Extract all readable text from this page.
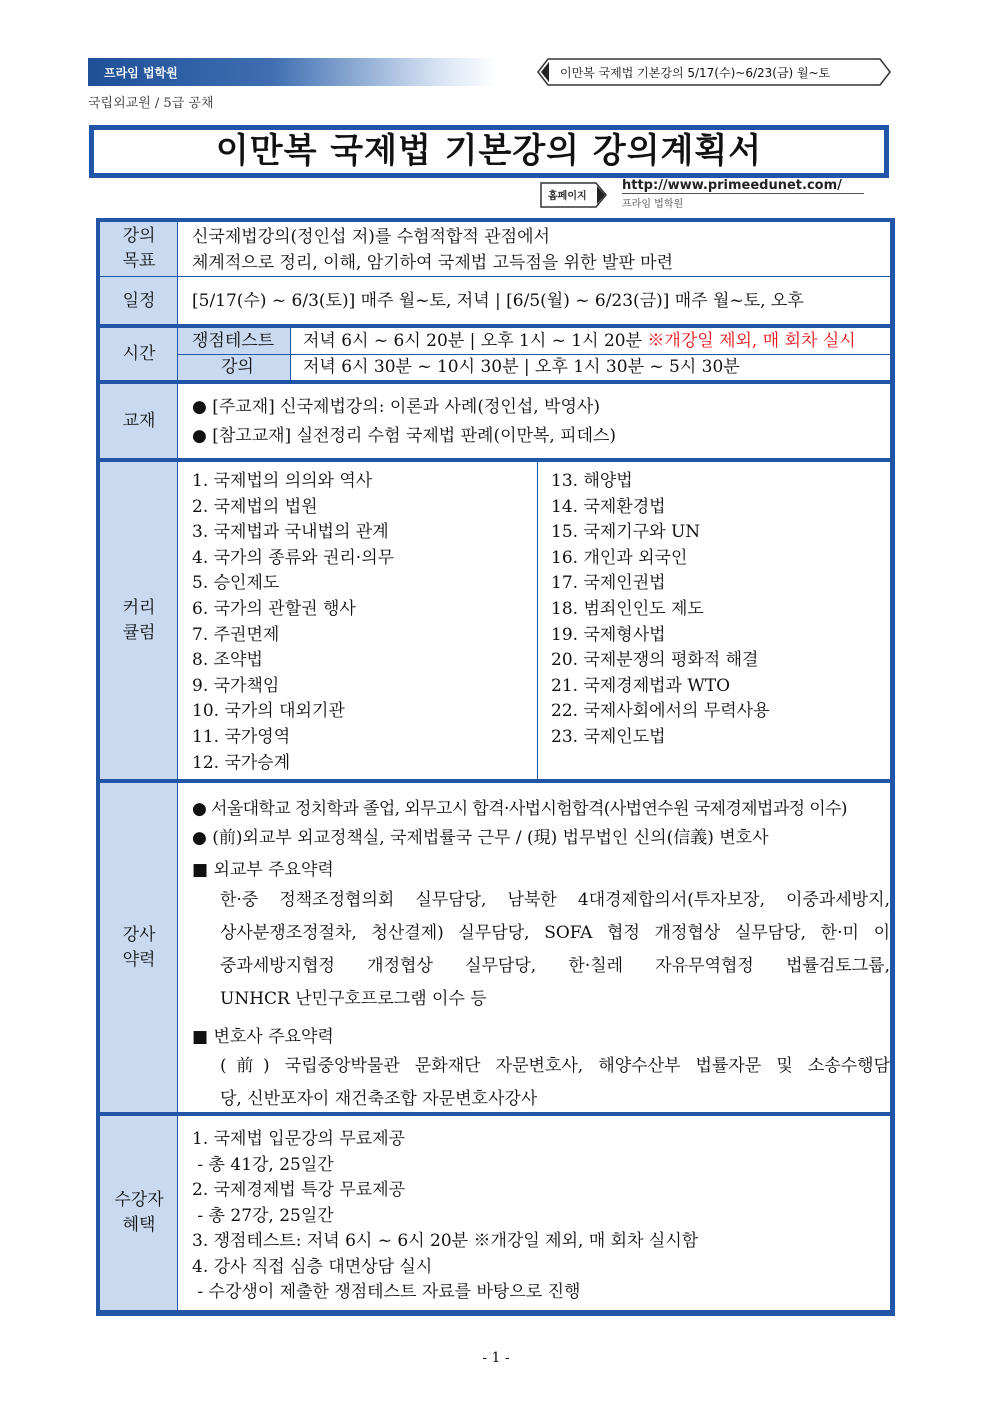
프라임 법학원	이만복 국제법 기본강의 5/17(수)~6/23(금) 월~토
국립외교원 / 5급 공채
이만복 국제법 기본강의 강의계획서
홈페이지
http://www.primeedunet.com/
프라임 법학원
강의
목표
신국제법강의(정인섭 저)를 수험적합적 관점에서
체계적으로 정리, 이해, 암기하여 국제법 고득점을 위한 발판 마련
일정 [5/17(수) ~ 6/3(토)] 매주 월~토, 저녁 | [6/5(월) ~ 6/23(금)] 매주 월~토, 오후
시간
쟁점테스트 저녁 6시 ~ 6시 20분 | 오후 1시 ~ 1시 20분 ※개강일 제외, 매 회차 실시
강의	저녁 6시 30분 ~ 10시 30분 | 오후 1시 30분 ~ 5시 30분
교재
● [주교재] 신국제법강의: 이론과 사례(정인섭, 박영사)
● [참고교재] 실전정리 수험 국제법 판례(이만복, 피데스)
커리
큘럼
1. 국제법의 의의와 역사
2. 국제법의 법원
3. 국제법과 국내법의 관계
4. 국가의 종류와 권리·의무
5. 승인제도
6. 국가의 관할권 행사
7. 주권면제
8. 조약법
9. 국가책임
10. 국가의 대외기관
11. 국가영역
12. 국가승계
13. 해양법
14. 국제환경법
15. 국제기구와 UN
16. 개인과 외국인
17. 국제인권법
18. 범죄인인도 제도
19. 국제형사법
20. 국제분쟁의 평화적 해결
21. 국제경제법과 WTO
22. 국제사회에서의 무력사용
23. 국제인도법
강사
약력
● 서울대학교 정치학과 졸업, 외무고시 합격·사법시험합격(사법연수원 국제경제법과정 이수)
● (前)외교부 외교정책실, 국제법률국 근무 / (現) 법무법인 신의(信義) 변호사
■ 외교부 주요약력
한·중 정책조정협의회 실무담당, 남북한 4대경제합의서(투자보장, 이중과세방지,
상사분쟁조정절차, 청산결제) 실무담당, SOFA 협정 개정협상 실무담당, 한·미 이
중과세방지협정 개정협상 실무담당, 한·칠레 자유무역협정 법률검토그룹,
UNHCR 난민구호프로그램 이수 등
■ 변호사 주요약력
(前) 국립중앙박물관 문화재단 자문변호사, 해양수산부 법률자문 및 소송수행담
당, 신반포자이 재건축조합 자문변호사강사
수강자
혜택
1. 국제법 입문강의 무료제공
- 총 41강, 25일간
2. 국제경제법 특강 무료제공
- 총 27강, 25일간
3. 쟁점테스트: 저녁 6시 ~ 6시 20분 ※개강일 제외, 매 회차 실시함
4. 강사 직접 심층 대면상담 실시
- 수강생이 제출한 쟁점테스트 자료를 바탕으로 진행
- 1 -
